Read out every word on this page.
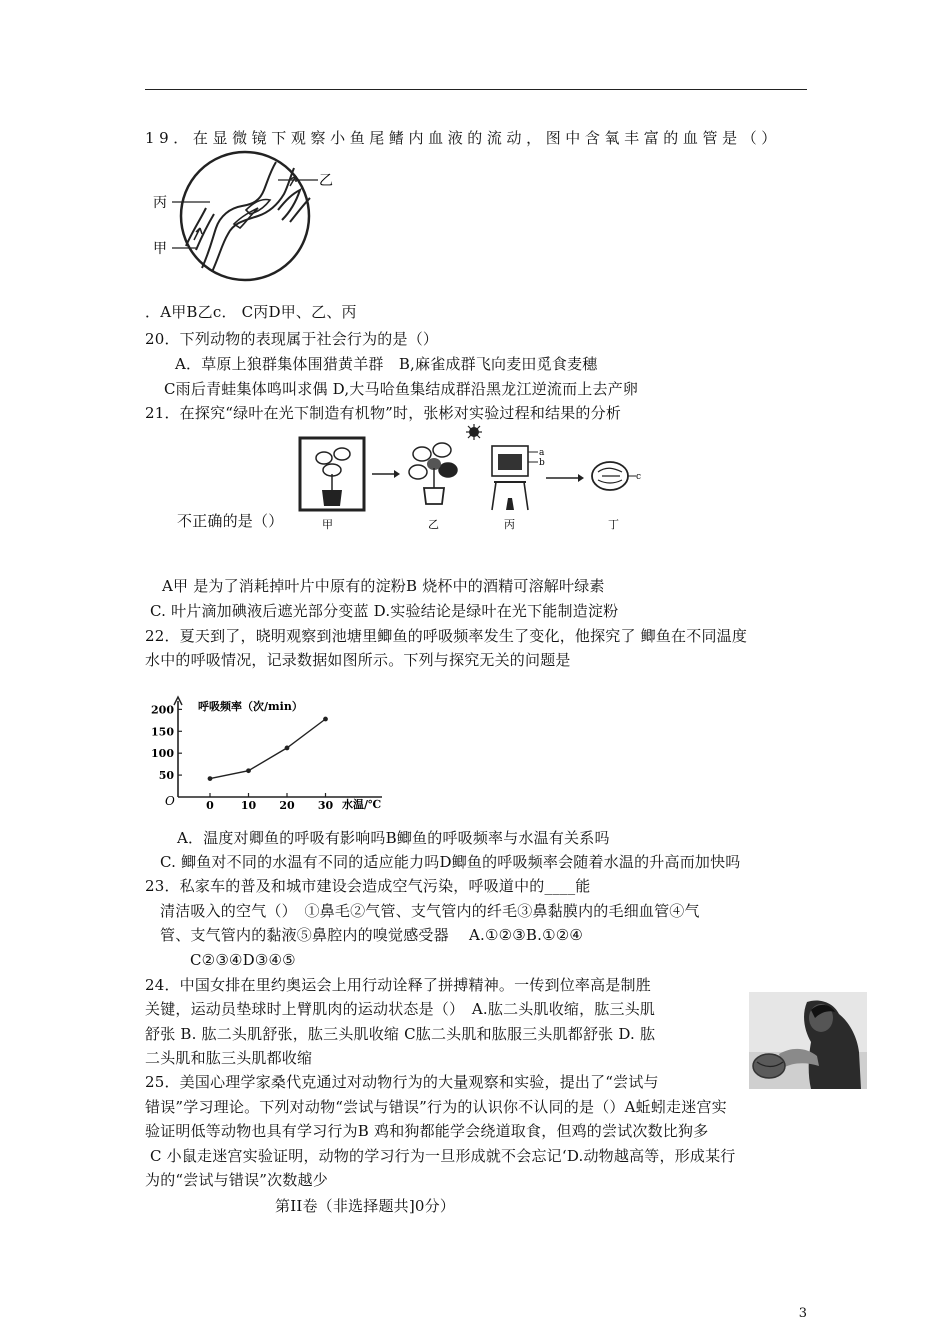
19．在显微镜下观察小鱼尾鳍内血液的流动，图中含氧丰富的血管是（）
乙
丙
甲
．A甲B乙c． C丙D甲、乙、丙
20．下列动物的表现属于社会行为的是（）
A．草原上狼群集体围猎黄羊群　B,麻雀成群飞向麦田觅食麦穗
C雨后青蛙集体鸣叫求偶 D,大马哈鱼集结成群沿黑龙江逆流而上去产卵
21．在探究“绿叶在光下制造有机物”时，张彬对实验过程和结果的分析
a
b
c
甲	乙	丙	丁
不正确的是（）
A甲 是为了消耗掉叶片中原有的淀粉B 烧杯中的酒精可溶解叶绿素
C. 叶片滴加碘液后遮光部分变蓝 D.实验结论是绿叶在光下能制造淀粉
22．夏天到了，晓明观察到池塘里鲫鱼的呼吸频率发生了变化，他探究了 鲫鱼在不同温度
水中的呼吸情况，记录数据如图所示。下列与探究无关的问题是
呼吸频率（次/min）
O	水温/℃
50
100
150
200
0 10 20 30
A．温度对卿鱼的呼吸有影响吗B鲫鱼的呼吸频率与水温有关系吗
C. 鲫鱼对不同的水温有不同的适应能力吗D鲫鱼的呼吸频率会随着水温的升高而加快吗
23．私家车的普及和城市建设会造成空气污染，呼吸道中的____能
清洁吸入的空气（）　①鼻毛②气管、支气管内的纤毛③鼻黏膜内的毛细血管④气
管、支气管内的黏液⑤鼻腔内的嗅觉感受器　 A.①②③B.①②④
C②③④D③④⑤
24．中国女排在里约奥运会上用行动诠释了拼搏精神。一传到位率高是制胜
关键，运动员垫球时上臂肌肉的运动状态是（）　A.肱二头肌收缩，肱三头肌
舒张 B. 肱二头肌舒张，肱三头肌收缩 C肱二头肌和肱服三头肌都舒张 D. 肱
二头肌和肱三头肌都收缩
25．美国心理学家桑代克通过对动物行为的大量观察和实验，提出了“尝试与
错误”学习理论。下列对动物“尝试与错误”行为的认识你不认同的是（）A蚯蚓走迷宫实
验证明低等动物也具有学习行为B 鸡和狗都能学会绕道取食，但鸡的尝试次数比狗多
C 小鼠走迷宫实验证明，动物的学习行为一旦形成就不会忘记‘D.动物越高等，形成某行
为的“尝试与错误”次数越少
第II卷（非选择题共]0分）
3
